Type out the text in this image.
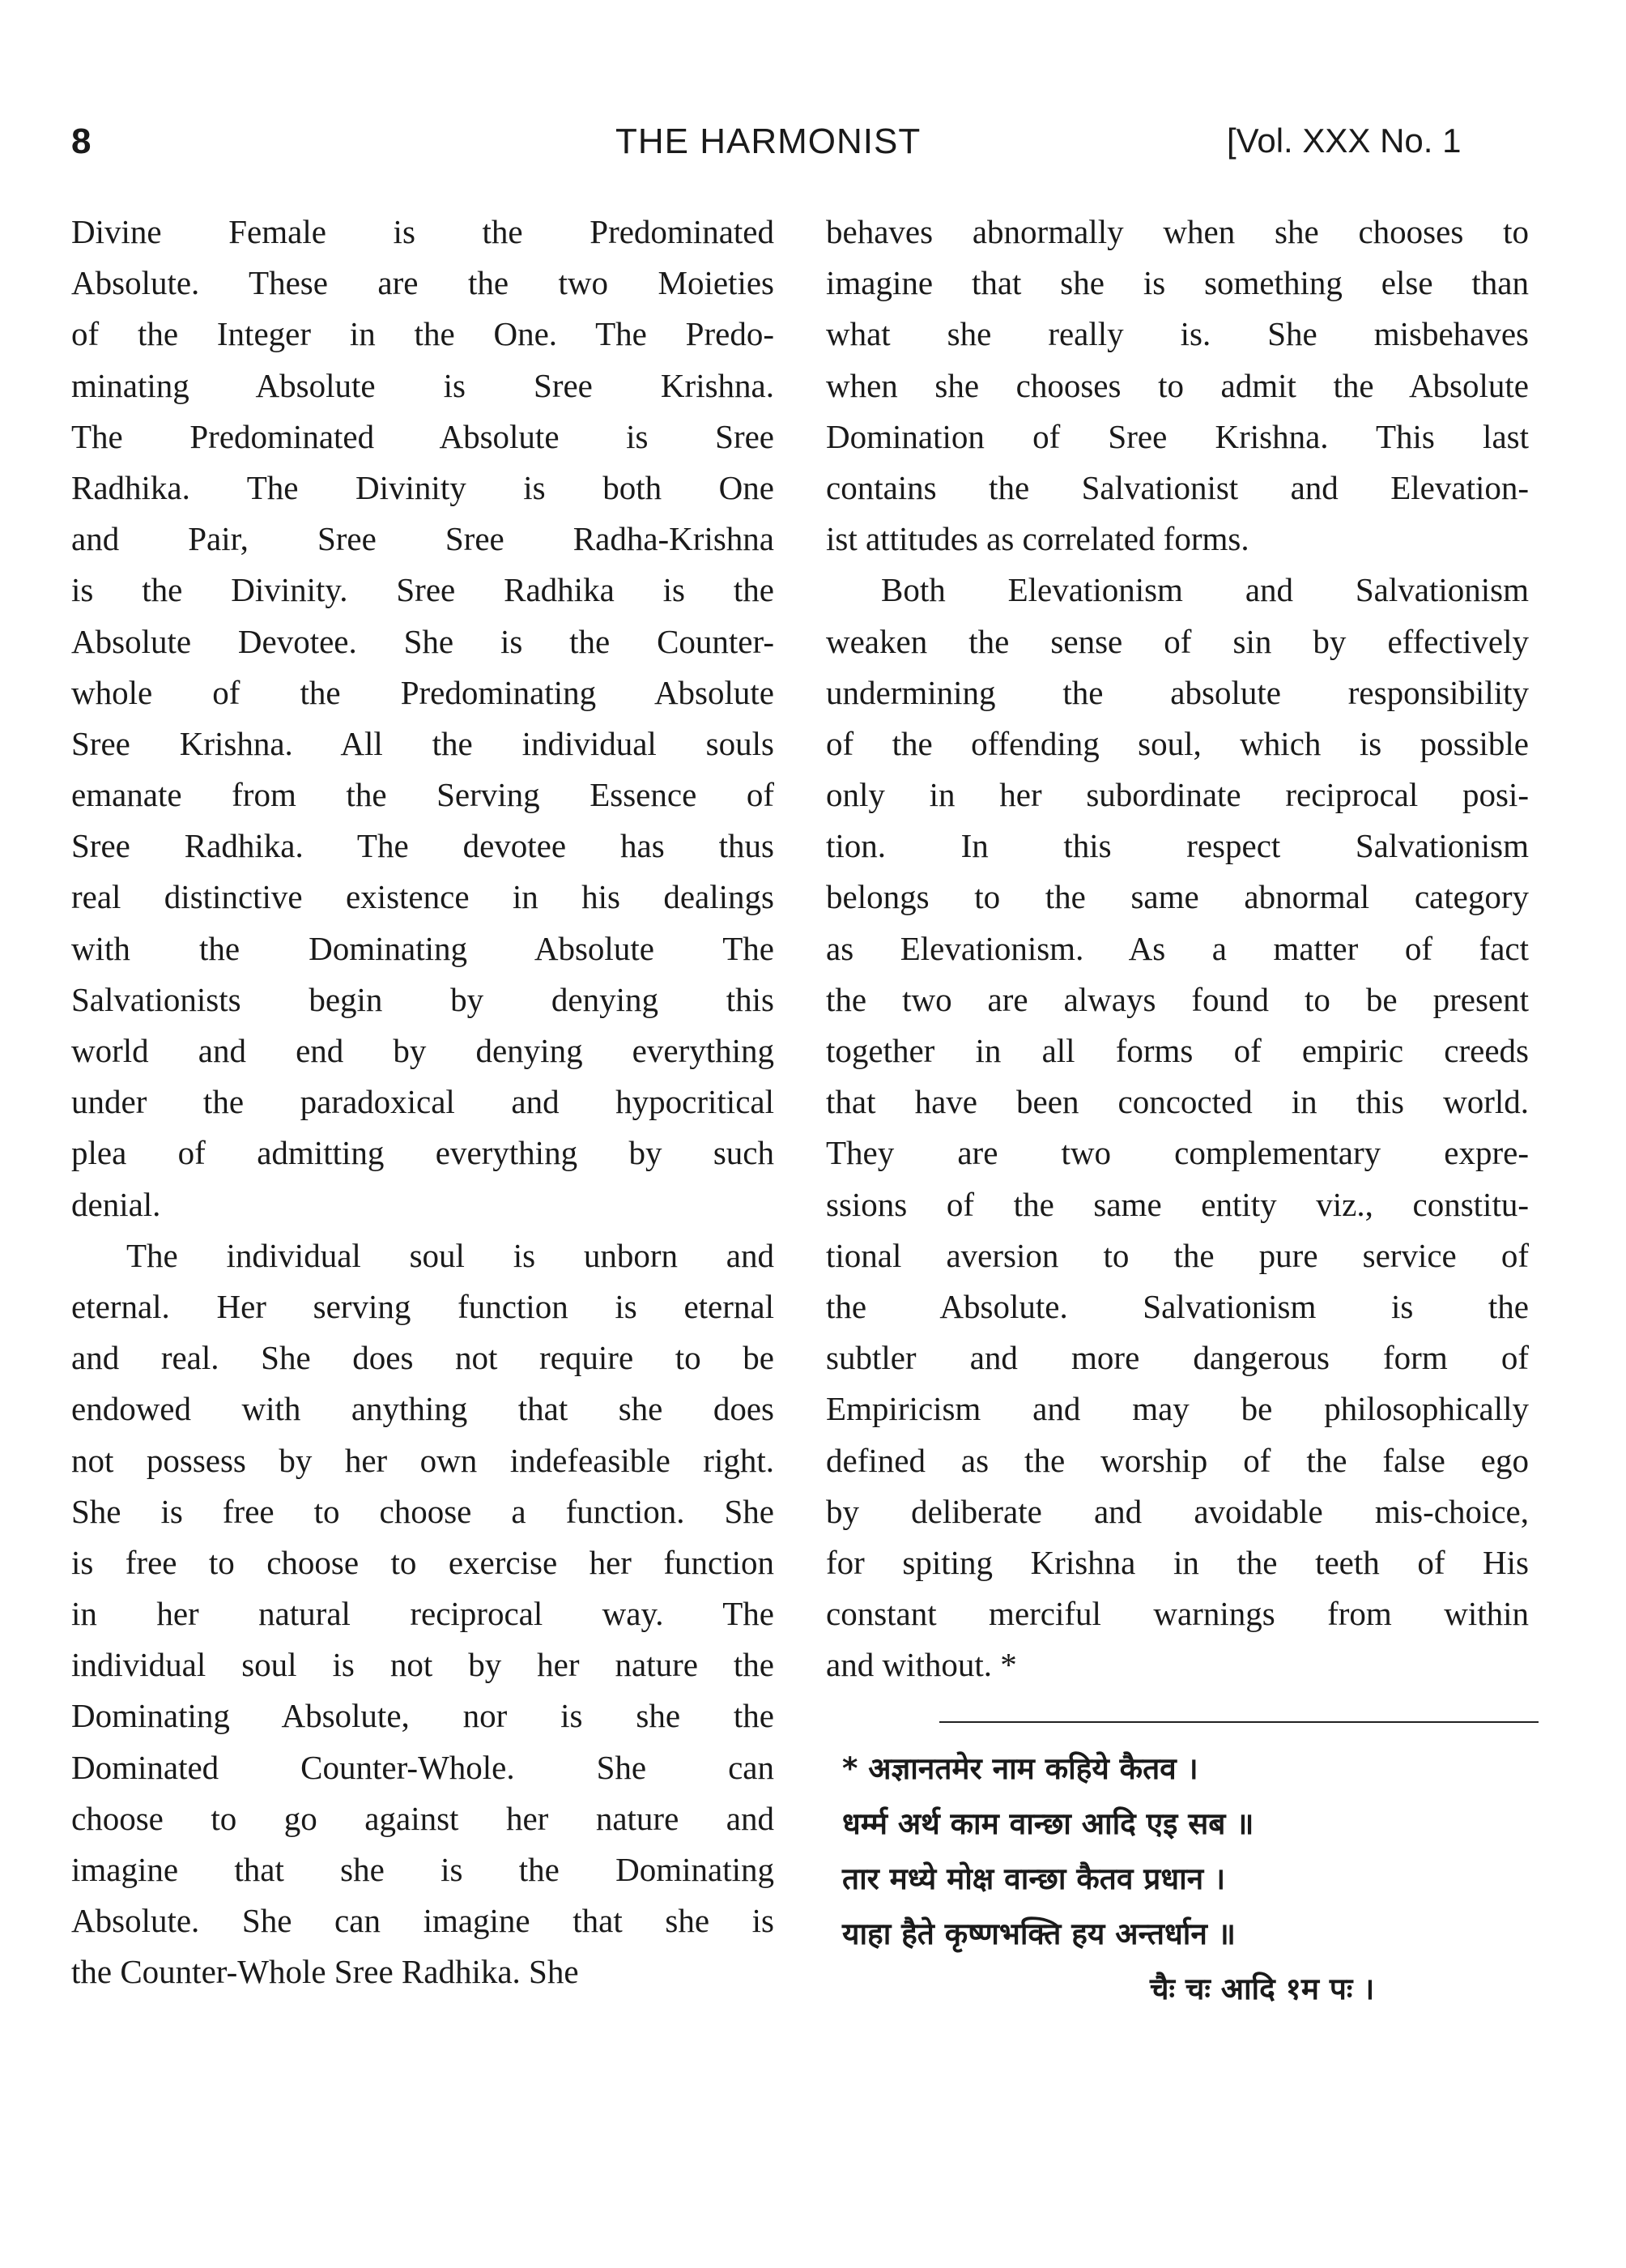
8	THE HARMONIST	[Vol. XXX No. 1
Divine Female is the Predominated
Absolute. These are the two Moieties
of the Integer in the One. The Predo-
minating Absolute is Sree Krishna.
The Predominated Absolute is Sree
Radhika. The Divinity is both One
and Pair, Sree Sree Radha-Krishna
is the Divinity. Sree Radhika is the
Absolute Devotee. She is the Counter-
whole of the Predominating Absolute
Sree Krishna. All the individual souls
emanate from the Serving Essence of
Sree Radhika. The devotee has thus
real distinctive existence in his dealings
with the Dominating Absolute The
Salvationists begin by denying this
world and end by denying everything
under the paradoxical and hypocritical
plea of admitting everything by such
denial.
The individual soul is unborn and
eternal. Her serving function is eternal
and real. She does not require to be
endowed with anything that she does
not possess by her own indefeasible right.
She is free to choose a function. She
is free to choose to exercise her function
in her natural reciprocal way. The
individual soul is not by her nature the
Dominating Absolute, nor is she the
Dominated Counter-Whole. She can
choose to go against her nature and
imagine that she is the Dominating
Absolute. She can imagine that she is
the Counter-Whole Sree Radhika. She
behaves abnormally when she chooses to
imagine that she is something else than
what she really is. She misbehaves
when she chooses to admit the Absolute
Domination of Sree Krishna. This last
contains the Salvationist and Elevation-
ist attitudes as correlated forms.
Both Elevationism and Salvationism
weaken the sense of sin by effectively
undermining the absolute responsibility
of the offending soul, which is possible
only in her subordinate reciprocal posi-
tion. In this respect Salvationism
belongs to the same abnormal category
as Elevationism. As a matter of fact
the two are always found to be present
together in all forms of empiric creeds
that have been concocted in this world.
They are two complementary expre-
ssions of the same entity viz., constitu-
tional aversion to the pure service of
the Absolute. Salvationism is the
subtler and more dangerous form of
Empiricism and may be philosophically
defined as the worship of the false ego
by deliberate and avoidable mis-choice,
for spiting Krishna in the teeth of His
constant merciful warnings from within
and without. *
* अज्ञानतमेर नाम कहिये कैतव ।
धर्म्म अर्थ काम वान्छा आदि एइ सब ॥
तार मध्ये मोक्ष वान्छा कैतव प्रधान ।
याहा हैते कृष्णभक्ति हय अन्तर्धान ॥
चैः चः आदि १म पः ।
